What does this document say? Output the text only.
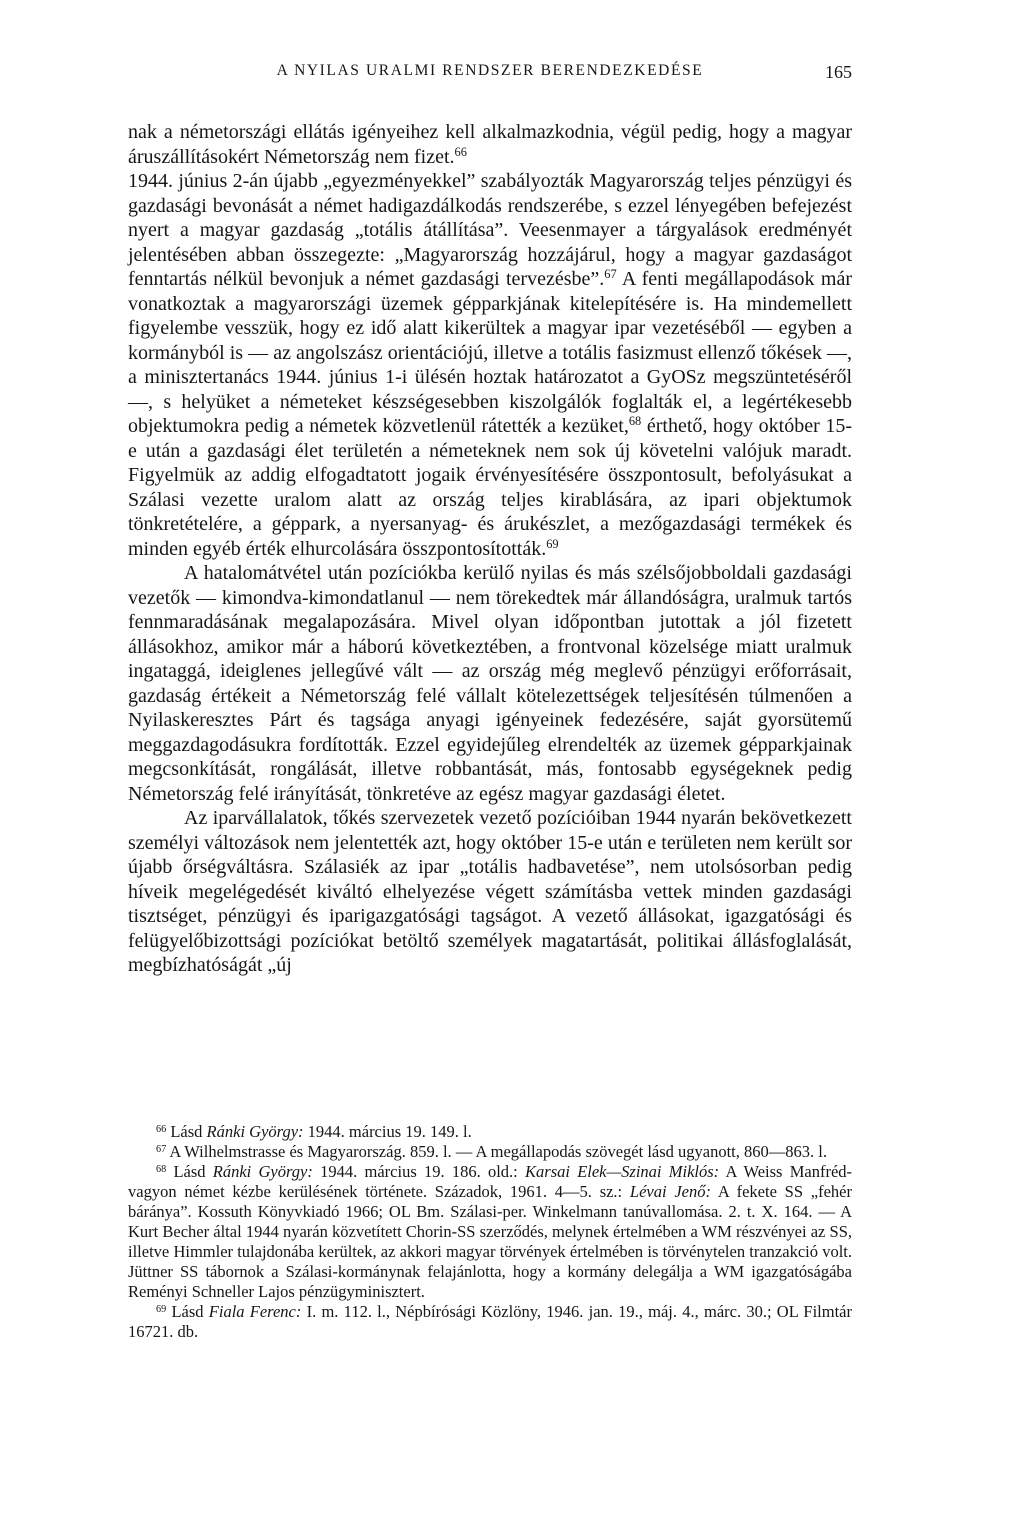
A NYILAS URALMI RENDSZER BERENDEZKEDÉSE	165

nak a németországi ellátás igényeihez kell alkalmazkodnia, végül pedig, hogy a magyar áruszállításokért Németország nem fizet.$^{66}$

1944. június 2-án újabb „egyezményekkel” szabályozták Magyarország teljes pénzügyi és gazdasági bevonását a német hadigazdálkodás rendszerébe, s ezzel lényegében befejezést nyert a magyar gazdaság „totális átállítása”. Veesenmayer a tárgyalások eredményét jelentésében abban összegezte: „Magyarország hozzájárul, hogy a magyar gazdaságot fenntartás nélkül bevonjuk a német gazdasági tervezésbe”.$^{67}$ A fenti megállapodások már vonatkoztak a magyarországi üzemek gépparkjának kitelepítésére is. Ha mindemellett figyelembe vesszük, hogy ez idő alatt kikerültek a magyar ipar vezetéséből — egyben a kormányból is — az angolszász orientációjú, illetve a totális fasizmust ellenző tőkések —, a minisztertanács 1944. június 1-i ülésén hoztak határozatot a GyOSz megszüntetéséről —, s helyüket a németeket készségesebben kiszolgálók foglalták el, a legértékesebb objektumokra pedig a németek közvetlenül rátették a kezüket,$^{68}$ érthető, hogy október 15-e után a gazdasági élet területén a németeknek nem sok új követelni valójuk maradt. Figyelmük az addig elfogadtatott jogaik érvényesítésére összpontosult, befolyásukat a Szálasi vezette uralom alatt az ország teljes kirablására, az ipari objektumok tönkretételére, a géppark, a nyersanyag- és árukészlet, a mezőgazdasági termékek és minden egyéb érték elhurcolására összpontosították.$^{69}$

A hatalomátvétel után pozíciókba kerülő nyilas és más szélsőjobboldali gazdasági vezetők — kimondva-kimondatlanul — nem törekedtek már állandóságra, uralmuk tartós fennmaradásának megalapozására. Mivel olyan időpontban jutottak a jól fizetett állásokhoz, amikor már a háború következtében, a frontvonal közelsége miatt uralmuk ingataggá, ideiglenes jellegűvé vált — az ország még meglevő pénzügyi erőforrásait, gazdaság értékeit a Németország felé vállalt kötelezettségek teljesítésén túlmenően a Nyilaskeresztes Párt és tagsága anyagi igényeinek fedezésére, saját gyorsütemű meggazdagodásukra fordították. Ezzel egyidejűleg elrendelték az üzemek gépparkjainak megcsonkítását, rongálását, illetve robbantását, más, fontosabb egységeknek pedig Németország felé irányítását, tönkretéve az egész magyar gazdasági életet.

Az iparvállalatok, tőkés szervezetek vezető pozícióiban 1944 nyarán bekövetkezett személyi változások nem jelentették azt, hogy október 15-e után e területen nem került sor újabb őrségváltásra. Szálasiék az ipar „totális hadbavetése”, nem utolsósorban pedig híveik megelégedését kiváltó elhelyezése végett számításba vettek minden gazdasági tisztséget, pénzügyi és iparigazgatósági tagságot. A vezető állásokat, igazgatósági és felügyelőbizottsági pozíciókat betöltő személyek magatartását, politikai állásfoglalását, megbízhatóságát „új

$^{66}$ Lásd Ránki György: 1944. március 19. 149. l.

$^{67}$ A Wilhelmstrasse és Magyarország. 859. l. — A megállapodás szövegét lásd ugyanott, 860—863. l.

$^{68}$ Lásd Ránki György: 1944. március 19. 186. old.: Karsai Elek—Szinai Miklós: A Weiss Manfréd-vagyon német kézbe kerülésének története. Századok, 1961. 4—5. sz.: Lévai Jenő: A fekete SS „fehér báránya”. Kossuth Könyvkiadó 1966; OL Bm. Szálasi-per. Winkelmann tanúvallomása. 2. t. X. 164. — A Kurt Becher által 1944 nyarán közvetített Chorin-SS szerződés, melynek értelmében a WM részvényei az SS, illetve Himmler tulajdonába kerültek, az akkori magyar törvények értelmében is törvénytelen tranzakció volt. Jüttner SS tábornok a Szálasi-kormánynak felajánlotta, hogy a kormány delegálja a WM igazgatóságába Reményi Schneller Lajos pénzügyminisztert.

$^{69}$ Lásd Fiala Ferenc: I. m. 112. l., Népbírósági Közlöny, 1946. jan. 19., máj. 4., márc. 30.; OL Filmtár 16721. db.
